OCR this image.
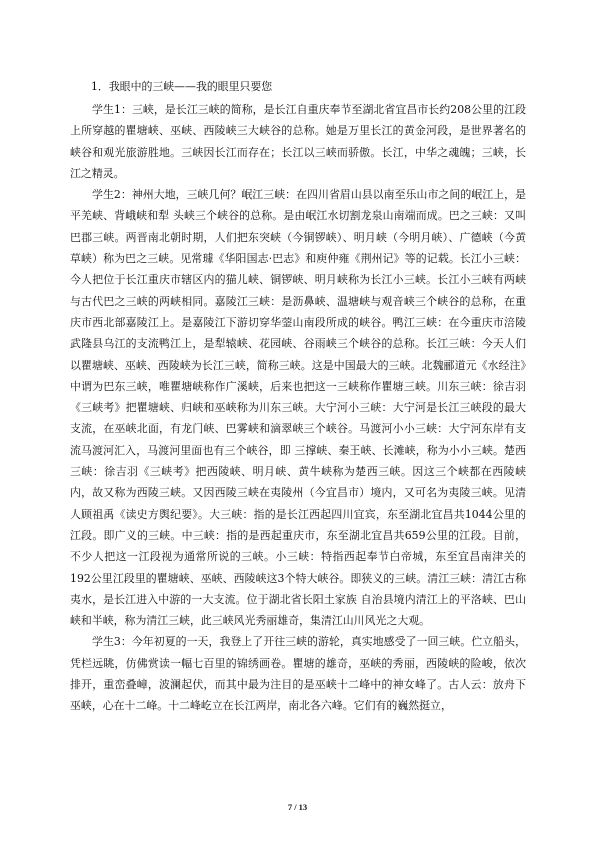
1．我眼中的三峡——我的眼里只要您

学生1：三峡，是长江三峡的简称，是长江自重庆奉节至湖北省宜昌市长约208公里的江段上所穿越的瞿塘峡、巫峡、西陵峡三大峡谷的总称。她是万里长江的黄金河段，是世界著名的峡谷和观光旅游胜地。三峡因长江而存在；长江以三峡而骄傲。长江，中华之魂魄；三峡，长江之精灵。

学生2：神州大地，三峡几何？岷江三峡：在四川省眉山县以南至乐山市之间的岷江上，是平羌峡、背峨峡和犁 头峡三个峡谷的总称。是由岷江水切割龙泉山南端而成。巴之三峡：又叫巴郡三峡。两晋南北朝时期，人们把东突峡（今铜锣峡）、明月峡（今明月峡）、广德峡（今黄草峡）称为巴之三峡。见常璩《华阳国志·巴志》和庾仲雍《荆州记》等的记载。长江小三峡：今人把位于长江重庆市辖区内的猫儿峡、铜锣峡、明月峡称为长江小三峡。长江小三峡有两峡与古代巴之三峡的两峡相同。嘉陵江三峡：是沥鼻峡、温塘峡与观音峡三个峡谷的总称，在重庆市西北部嘉陵江上。是嘉陵江下游切穿华蓥山南段所成的峡谷。鸭江三峡：在今重庆市涪陵武隆县乌江的支流鸭江上，是犁辕峡、花园峡、谷雨峡三个峡谷的总称。长江三峡：今天人们以瞿塘峡、巫峡、西陵峡为长江三峡，简称三峡。这是中国最大的三峡。北魏郦道元《水经注》中谓为巴东三峡，唯瞿塘峡称作广溪峡，后来也把这一三峡称作瞿塘三峡。川东三峡：徐吉羽《三峡考》把瞿塘峡、归峡和巫峡称为川东三峡。大宁河小三峡：大宁河是长江三峡段的最大支流，在巫峡北面，有龙门峡、巴雾峡和滴翠峡三个峡谷。马渡河小小三峡：大宁河东岸有支流马渡河汇入，马渡河里面也有三个峡谷，即 三撑峡、秦王峡、长滩峡，称为小小三峡。楚西三峡：徐吉羽《三峡考》把西陵峡、明月峡、黄牛峡称为楚西三峡。因这三个峡都在西陵峡内，故又称为西陵三峡。又因西陵三峡在夷陵州（今宜昌市）境内，又可名为夷陵三峡。见清人顾祖禹《读史方舆纪要》。大三峡：指的是长江西起四川宜宾，东至湖北宜昌共1044公里的江段。即广义的三峡。中三峡：指的是西起重庆市，东至湖北宜昌共659公里的江段。目前，不少人把这一江段视为通常所说的三峡。小三峡：特指西起奉节白帝城，东至宜昌南津关的192公里江段里的瞿塘峡、巫峡、西陵峡这3个特大峡谷。即狭义的三峡。清江三峡：清江古称夷水，是长江进入中游的一大支流。位于湖北省长阳土家族 自治县境内清江上的平洛峡、巴山峡和半峡，称为清江三峡，此三峡风光秀丽雄奇，集清江山川风光之大观。

学生3：今年初夏的一天，我登上了开往三峡的游轮，真实地感受了一回三峡。伫立船头，凭栏远眺，仿佛赏读一幅七百里的锦绣画卷。瞿塘的雄奇，巫峡的秀丽，西陵峡的险峻，依次排开，重峦叠嶂，波澜起伏，而其中最为注目的是巫峡十二峰中的神女峰了。古人云：放舟下巫峡，心在十二峰。十二峰屹立在长江两岸，南北各六峰。它们有的巍然挺立，

7 / 13
